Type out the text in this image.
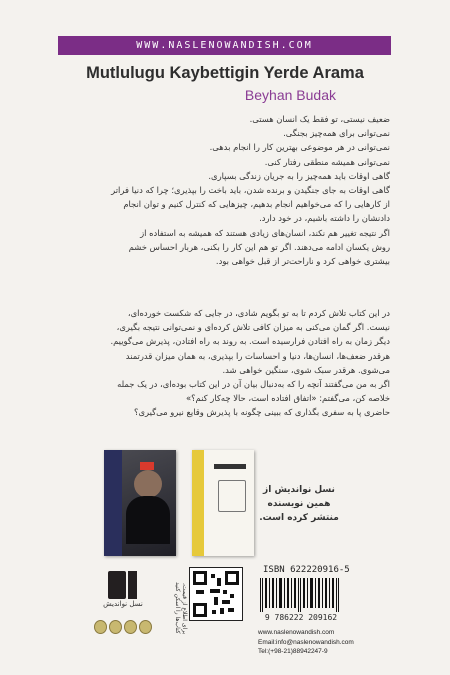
WWW.NASLENOWANDISH.COM
Mutlulugu Kaybettigin Yerde Arama
Beyhan Budak

ضعیف نیستی، تو فقط یک انسان هستی.

نمی‌توانی برای همه‌چیز بجنگی.

نمی‌توانی در هر موضوعی بهترین کار را انجام بدهی.

نمی‌توانی همیشه منطقی رفتار کنی.

گاهی اوقات باید همه‌چیز را به جریان زندگی بسپاری.

گاهی اوقات به جای جنگیدن و برنده شدن، باید باخت را بپذیری؛ چرا که دنیا فراتر

از کارهایی را که می‌خواهیم انجام بدهیم، چیزهایی که کنترل کنیم و توان انجام

دادنشان را داشته باشیم، در خود دارد.

اگر نتیجه تغییر هم نکند، انسان‌های زیادی هستند که همیشه به استفاده از

روش یکسان ادامه می‌دهند. اگر تو هم این کار را بکنی، هربار احساس خشم

بیشتری خواهی کرد و ناراحت‌تر از قبل خواهی بود.

در این کتاب تلاش کردم تا به تو بگویم شادی، در جایی که شکست خورده‌ای،

نیست. اگر گمان می‌کنی به میزان کافی تلاش کرده‌ای و نمی‌توانی نتیجه بگیری،

دیگر زمان به راه افتادن فرارسیده است. به روند به راه افتادن، پذیرش می‌گوییم.

هرقدر ضعف‌ها، انسان‌ها، دنیا و احساسات را بپذیری، به همان میزان قدرتمند

می‌شوی. هرقدر سبک شوی، سنگین خواهی شد.

اگر به من می‌گفتند آنچه را که به‌دنبال بیان آن در این کتاب بوده‌ای، در یک جمله

خلاصه کن، می‌گفتم: «اتفاق افتاده است، حالا چه‌کار کنم؟»

حاضری پا به سفری بگذاری که ببینی چگونه با پذیرش وقایع نیرو می‌گیری؟

نسل نواندیش از همین نویسنده
منتشر کرده است.
نسل نواندیش	برای اطلاع از قیمت، کتاب‌ها را اسکن کنید
ISBN 622220916-5
9 786222 209162
www.naslenowandish.com
Email:info@naslenowandish.com
Tel:(+98-21)88942247-9
